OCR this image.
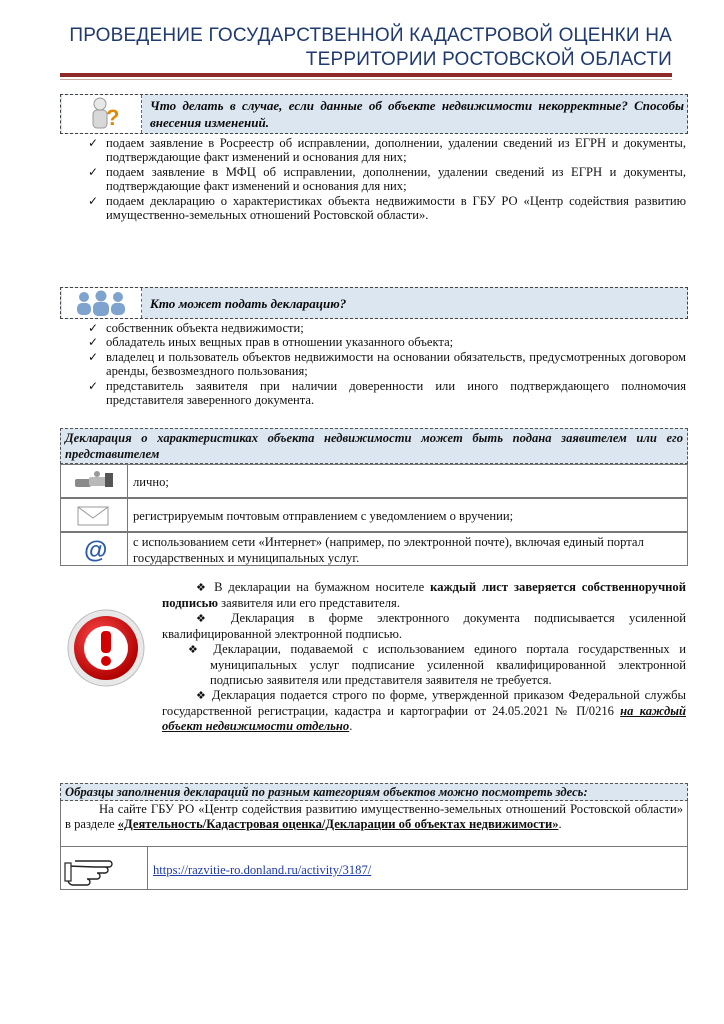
ПРОВЕДЕНИЕ ГОСУДАРСТВЕННОЙ КАДАСТРОВОЙ ОЦЕНКИ НА
ТЕРРИТОРИИ РОСТОВСКОЙ ОБЛАСТИ
? Что делать в случае, если данные об объекте недвижимости некорректные? Способы внесения изменений.
✓ подаем заявление в Росреестр об исправлении, дополнении, удалении сведений из ЕГРН и документы, подтверждающие факт изменений и основания для них;
✓ подаем заявление в МФЦ об исправлении, дополнении, удалении сведений из ЕГРН и документы, подтверждающие факт изменений и основания для них;
✓ подаем декларацию о характеристиках объекта недвижимости в ГБУ РО «Центр содействия развитию имущественно-земельных отношений Ростовской области».
Кто может подать декларацию?
✓ собственник объекта недвижимости;
✓ обладатель иных вещных прав в отношении указанного объекта;
✓ владелец и пользователь объектов недвижимости на основании обязательств, предусмотренных договором аренды, безвозмездного пользования;
✓ представитель заявителя при наличии доверенности или иного подтверждающего полномочия представителя заверенного документа.
Декларация о характеристиках объекта недвижимости может быть подана заявителем или его представителем
лично;
регистрируемым почтовым отправлением с уведомлением о вручении;
@ с использованием сети «Интернет» (например, по электронной почте), включая единый портал государственных и муниципальных услуг.

❖ В декларации на бумажном носителе каждый лист заверяется собственноручной подписью заявителя или его представителя.

❖ Декларация в форме электронного документа подписывается усиленной квалифицированной электронной подписью.

❖ Декларации, подаваемой с использованием единого портала государственных и муниципальных услуг подписание усиленной квалифицированной электронной подписью заявителя или представителя заявителя не требуется.

❖ Декларация подается строго по форме, утвержденной приказом Федеральной службы государственной регистрации, кадастра и картографии от 24.05.2021 № П/0216 на каждый объект недвижимости отдельно.

Образцы заполнения деклараций по разным категориям объектов можно посмотреть здесь:
На сайте ГБУ РО «Центр содействия развитию имущественно-земельных отношений Ростовской области» в разделе «Деятельность/Кадастровая оценка/Декларации об объектах недвижимости».
https://razvitie-ro.donland.ru/activity/3187/
